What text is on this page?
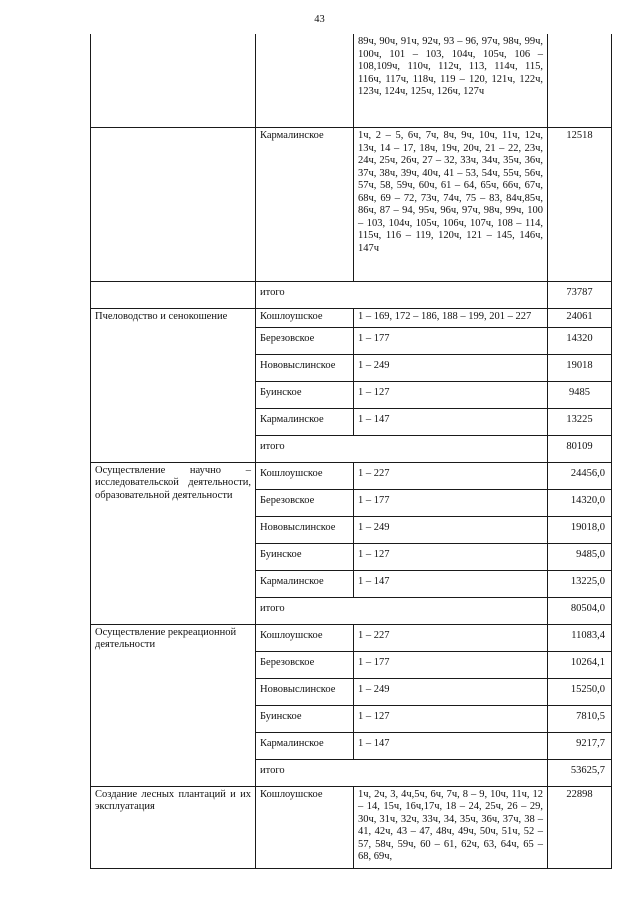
43
		89ч, 90ч, 91ч, 92ч, 93 – 96, 97ч, 98ч, 99ч, 100ч, 101 – 103, 104ч, 105ч, 106 – 108,109ч, 110ч, 112ч, 113, 114ч, 115, 116ч, 117ч, 118ч, 119 – 120, 121ч, 122ч, 123ч, 124ч, 125ч, 126ч, 127ч	
	Кармалинское	1ч, 2 – 5, 6ч, 7ч, 8ч, 9ч, 10ч, 11ч, 12ч, 13ч, 14 – 17, 18ч, 19ч, 20ч, 21 – 22, 23ч, 24ч, 25ч, 26ч, 27 – 32, 33ч, 34ч, 35ч, 36ч, 37ч, 38ч, 39ч, 40ч, 41 – 53, 54ч, 55ч, 56ч, 57ч, 58, 59ч, 60ч, 61 – 64, 65ч, 66ч, 67ч, 68ч, 69 – 72, 73ч, 74ч, 75 – 83, 84ч,85ч, 86ч, 87 – 94, 95ч, 96ч, 97ч, 98ч, 99ч, 100 – 103, 104ч, 105ч, 106ч, 107ч, 108 – 114, 115ч, 116 – 119, 120ч, 121 – 145, 146ч, 147ч	12518
	итого		73787
Пчеловодство и сенокошение	Кошлоушское	1 – 169, 172 – 186, 188 – 199, 201 – 227	24061
	Березовское	1 – 177	14320
	Нововыслинское	1 – 249	19018
	Буинское	1 – 127	9485
	Кармалинское	1 – 147	13225
	итого		80109
Осуществление научно – исследовательской деятельности, образовательной деятельности	Кошлоушское	1 – 227	24456,0
	Березовское	1 – 177	14320,0
	Нововыслинское	1 – 249	19018,0
	Буинское	1 – 127	9485,0
	Кармалинское	1 – 147	13225,0
	итого		80504,0
Осуществление рекреационной деятельности	Кошлоушское	1 – 227	11083,4
	Березовское	1 – 177	10264,1
	Нововыслинское	1 – 249	15250,0
	Буинское	1 – 127	7810,5
	Кармалинское	1 – 147	9217,7
	итого		53625,7
Создание лесных плантаций и их эксплуатация	Кошлоушское	1ч, 2ч, 3, 4ч,5ч, 6ч, 7ч, 8 – 9, 10ч, 11ч, 12 – 14, 15ч, 16ч,17ч, 18 – 24, 25ч, 26 – 29, 30ч, 31ч, 32ч, 33ч, 34, 35ч, 36ч, 37ч, 38 – 41, 42ч, 43 – 47, 48ч, 49ч, 50ч, 51ч, 52 – 57, 58ч, 59ч, 60 – 61, 62ч, 63, 64ч, 65 – 68, 69ч,	22898
